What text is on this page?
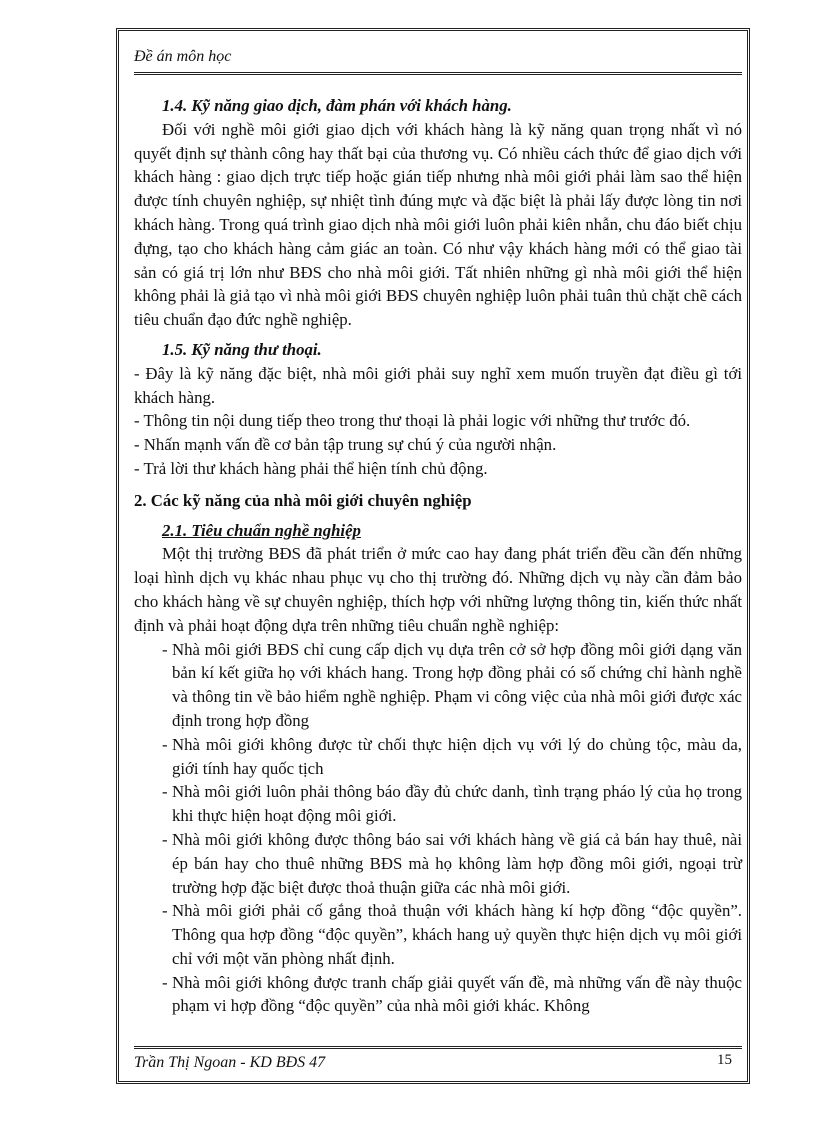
Đề án môn học

1.4. Kỹ năng giao dịch, đàm phán với khách hàng.

Đối với nghề môi giới giao dịch với khách hàng là kỹ năng quan trọng nhất vì nó quyết định sự thành công hay thất bại của thương vụ. Có nhiều cách thức để giao dịch với khách hàng : giao dịch trực tiếp hoặc gián tiếp nhưng nhà môi giới phải làm sao thể hiện được tính chuyên nghiệp, sự nhiệt tình đúng mực và đặc biệt là phải lấy được lòng tin nơi khách hàng. Trong quá trình giao dịch nhà môi giới luôn phải kiên nhẫn, chu đáo biết chịu đựng, tạo cho khách hàng cảm giác an toàn. Có như vậy khách hàng mới có thể giao tài sản có giá trị lớn như BĐS cho nhà môi giới. Tất nhiên những gì nhà môi giới thể hiện không phải là giả tạo vì nhà môi giới BĐS chuyên nghiệp luôn phải tuân thủ chặt chẽ cách tiêu chuẩn đạo đức nghề nghiệp.

1.5. Kỹ năng thư thoại.

- Đây là kỹ năng đặc biệt, nhà môi giới phải suy nghĩ xem muốn truyền đạt điều gì tới khách hàng.

- Thông tin nội dung tiếp theo trong thư thoại là phải logic với những thư trước đó.

- Nhấn mạnh vấn đề cơ bản tập trung sự chú ý của người nhận.

- Trả lời thư khách hàng phải thể hiện tính chủ động.

2. Các kỹ năng của nhà môi giới chuyên nghiệp

2.1. Tiêu chuẩn nghề nghiệp

Một thị trường BĐS đã phát triển ở mức cao hay đang phát triển đều cần đến những loại hình dịch vụ khác nhau phục vụ cho thị trường đó. Những dịch vụ này cần đảm bảo cho khách hàng về sự chuyên nghiệp, thích hợp với những lượng thông tin, kiến thức nhất định và phải hoạt động dựa trên những tiêu chuẩn nghề nghiệp:

- Nhà môi giới BĐS chỉ cung cấp dịch vụ dựa trên cở sở hợp đồng môi giới dạng văn bản kí kết giữa họ với khách hang. Trong hợp đồng phải có số chứng chỉ hành nghề và thông tin về bảo hiểm nghề nghiệp. Phạm vi công việc của nhà môi giới được xác định trong hợp đồng
- Nhà môi giới không được từ chối thực hiện dịch vụ với lý do chủng tộc, màu da, giới tính hay quốc tịch
- Nhà môi giới luôn phải thông báo đầy đủ chức danh, tình trạng pháo lý của họ trong khi thực hiện hoạt động môi giới.
- Nhà môi giới không được thông báo sai với khách hàng về giá cả bán hay thuê, nài ép bán hay cho thuê những BĐS mà họ không làm hợp đồng môi giới, ngoại trừ trường hợp đặc biệt được thoả thuận giữa các nhà môi giới.
- Nhà môi giới phải cố gắng thoả thuận với khách hàng kí hợp đồng “độc quyền”. Thông qua hợp đồng “độc quyền”, khách hang uỷ quyền thực hiện dịch vụ môi giới chỉ với một văn phòng nhất định.
- Nhà môi giới không được tranh chấp giải quyết vấn đề, mà những vấn đề này thuộc phạm vi hợp đồng “độc quyền” của nhà môi giới khác. Không
Trần Thị Ngoan - KD BĐS 47	15
